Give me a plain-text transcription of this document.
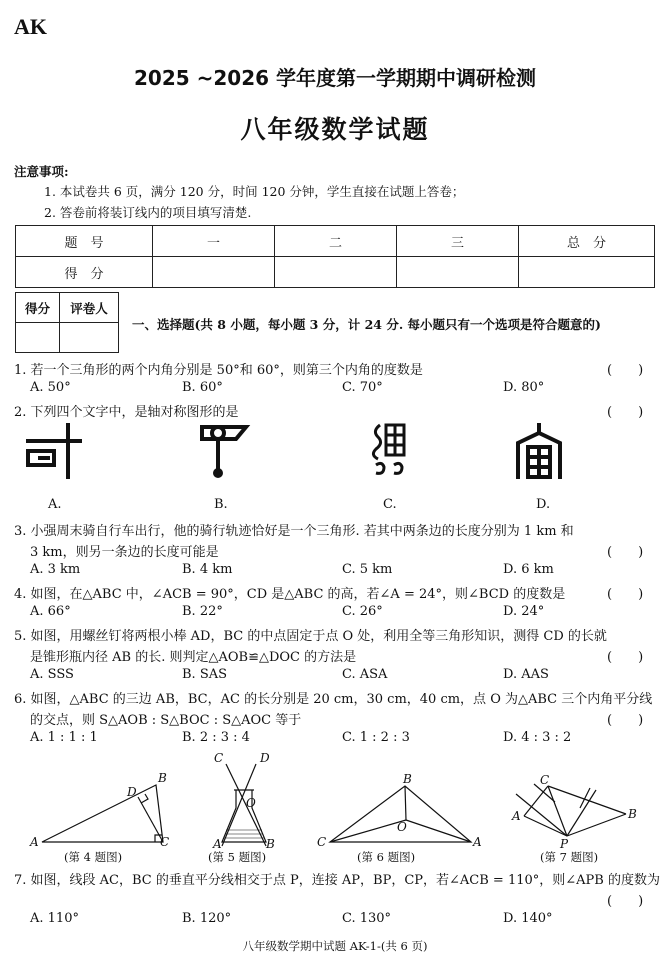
AK
2025 ~2026 学年度第一学期期中调研检测
八年级数学试题
注意事项:
1. 本试卷共 6 页，满分 120 分，时间 120 分钟，学生直接在试题上答卷；
2. 答卷前将装订线内的项目填写清楚.
题　号	一	二	三	总　分
得　分				
得分	评卷人

一、选择题(共 8 小题，每小题 3 分，计 24 分. 每小题只有一个选项是符合题意的)
1. 若一个三角形的两个内角分别是 50°和 60°，则第三个内角的度数是	(　　)
A. 50°	B. 60°	C. 70°	D. 80°
2. 下列四个文字中，是轴对称图形的是	(　　)
A.	B.	C.	D.
3. 小强周末骑自行车出行，他的骑行轨迹恰好是一个三角形. 若其中两条边的长度分别为 1 km 和
3 km，则另一条边的长度可能是	(　　)
A. 3 km	B. 4 km	C. 5 km	D. 6 km
4. 如图，在△ABC 中，∠ACB = 90°，CD 是△ABC 的高，若∠A = 24°，则∠BCD 的度数是	(　　)
A. 66°	B. 22°	C. 26°	D. 24°
5. 如图，用螺丝钉将两根小棒 AD，BC 的中点固定于点 O 处，利用全等三角形知识，测得 CD 的长就
是锥形瓶内径 AB 的长. 则判定△AOB≌△DOC 的方法是	(　　)
A. SSS	B. SAS	C. ASA	D. AAS
6. 如图，△ABC 的三边 AB，BC，AC 的长分别是 20 cm，30 cm，40 cm，点 O 为△ABC 三个内角平分线
的交点，则 S△AOB : S△BOC : S△AOC 等于	(　　)
A. 1 : 1 : 1	B. 2 : 3 : 4	C. 1 : 2 : 3	D. 4 : 3 : 2
B
D
A	C
C	D
O
A	B
B
O
C	A
C
A
P
B
(第 4 题图)	(第 5 题图)	(第 6 题图)	(第 7 题图)
7. 如图，线段 AC，BC 的垂直平分线相交于点 P，连接 AP，BP，CP，若∠ACB = 110°，则∠APB 的度数为
(　　)
A. 110°	B. 120°	C. 130°	D. 140°
八年级数学期中试题 AK-1-(共 6 页)
